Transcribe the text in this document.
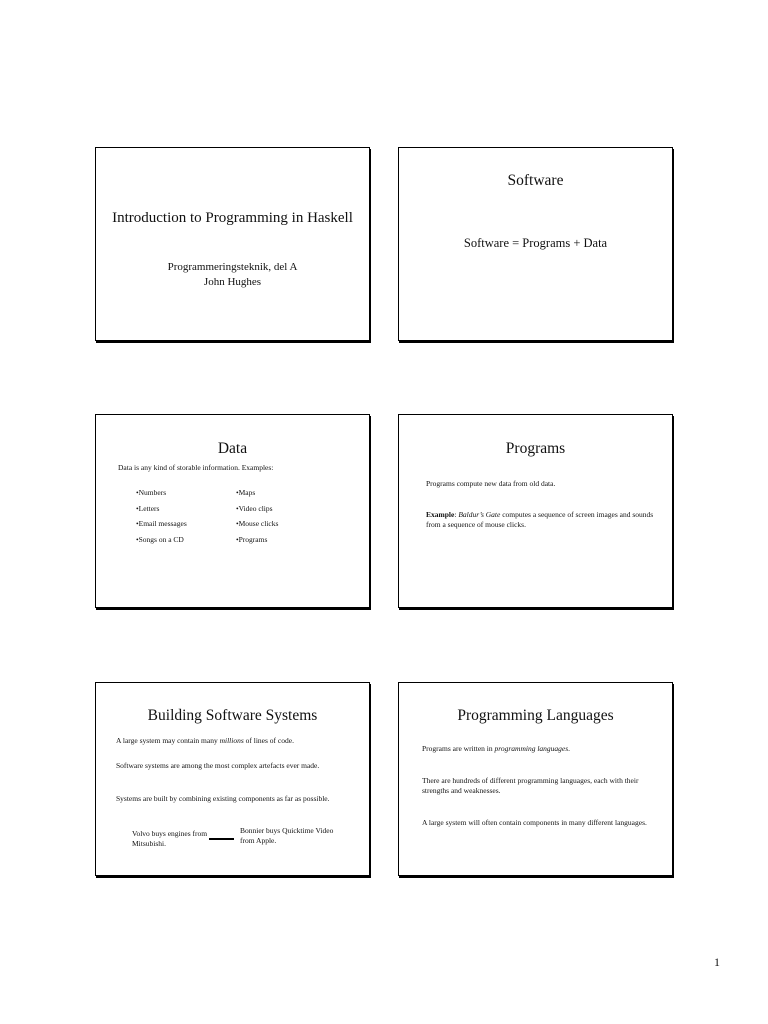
Introduction to Programming in Haskell
Programmeringsteknik, del A
John Hughes
Software
Software = Programs + Data
Data
Data is any kind of storable information. Examples:
•Numbers
•Letters
•Email messages
•Songs on a CD
•Maps
•Video clips
•Mouse clicks
•Programs
Programs
Programs compute new data from old data.
Example: Baldur’s Gate computes a sequence of screen images and sounds from a sequence of mouse clicks.
Building Software Systems
A large system may contain many millions of lines of code.
Software systems are among the most complex artefacts ever made.
Systems are built by combining existing components as far as possible.
Volvo buys engines from Mitsubishi.
Bonnier buys Quicktime Video from Apple.
Programming Languages
Programs are written in programming languages.
There are hundreds of different programming languages, each with their strengths and weaknesses.
A large system will often contain components in many different languages.
1
